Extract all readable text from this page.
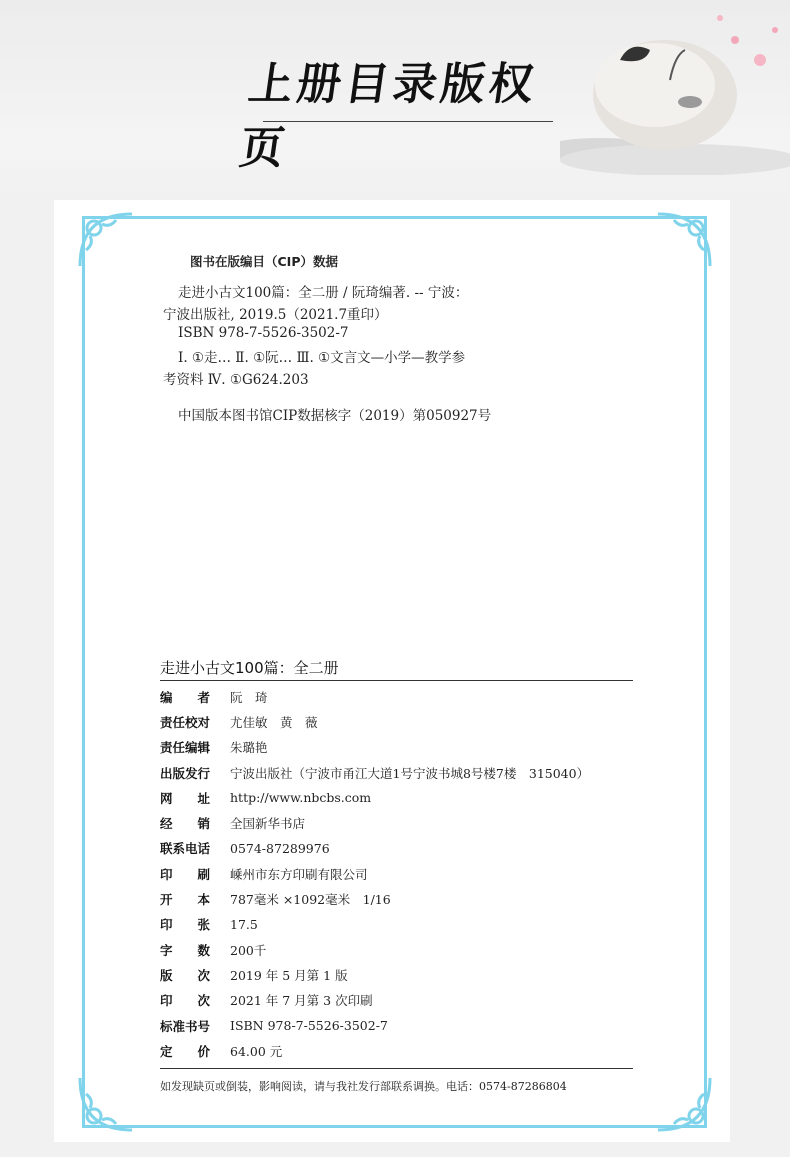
上册目录版权页
图书在版编目（CIP）数据
走进小古文100篇：全二册 / 阮琦编著. -- 宁波：
宁波出版社, 2019.5（2021.7重印）
ISBN 978-7-5526-3502-7
Ⅰ. ①走… Ⅱ. ①阮… Ⅲ. ①文言文—小学—教学参
考资料 Ⅳ. ①G624.203
中国版本图书馆CIP数据核字（2019）第050927号
走进小古文100篇：全二册
编　　者	阮　琦
责任校对	尤佳敏　黄　薇
责任编辑	朱璐艳
出版发行	宁波出版社（宁波市甬江大道1号宁波书城8号楼7楼　315040）
网　　址	http://www.nbcbs.com
经　　销	全国新华书店
联系电话	0574-87289976
印　　刷	嵊州市东方印刷有限公司
开　　本	787毫米 ×1092毫米　1/16
印　　张	17.5
字　　数	200千
版　　次	2019 年 5 月第 1 版
印　　次	2021 年 7 月第 3 次印刷
标准书号	ISBN 978-7-5526-3502-7
定　　价	64.00 元
如发现缺页或倒装，影响阅读，请与我社发行部联系调换。电话：0574-87286804
